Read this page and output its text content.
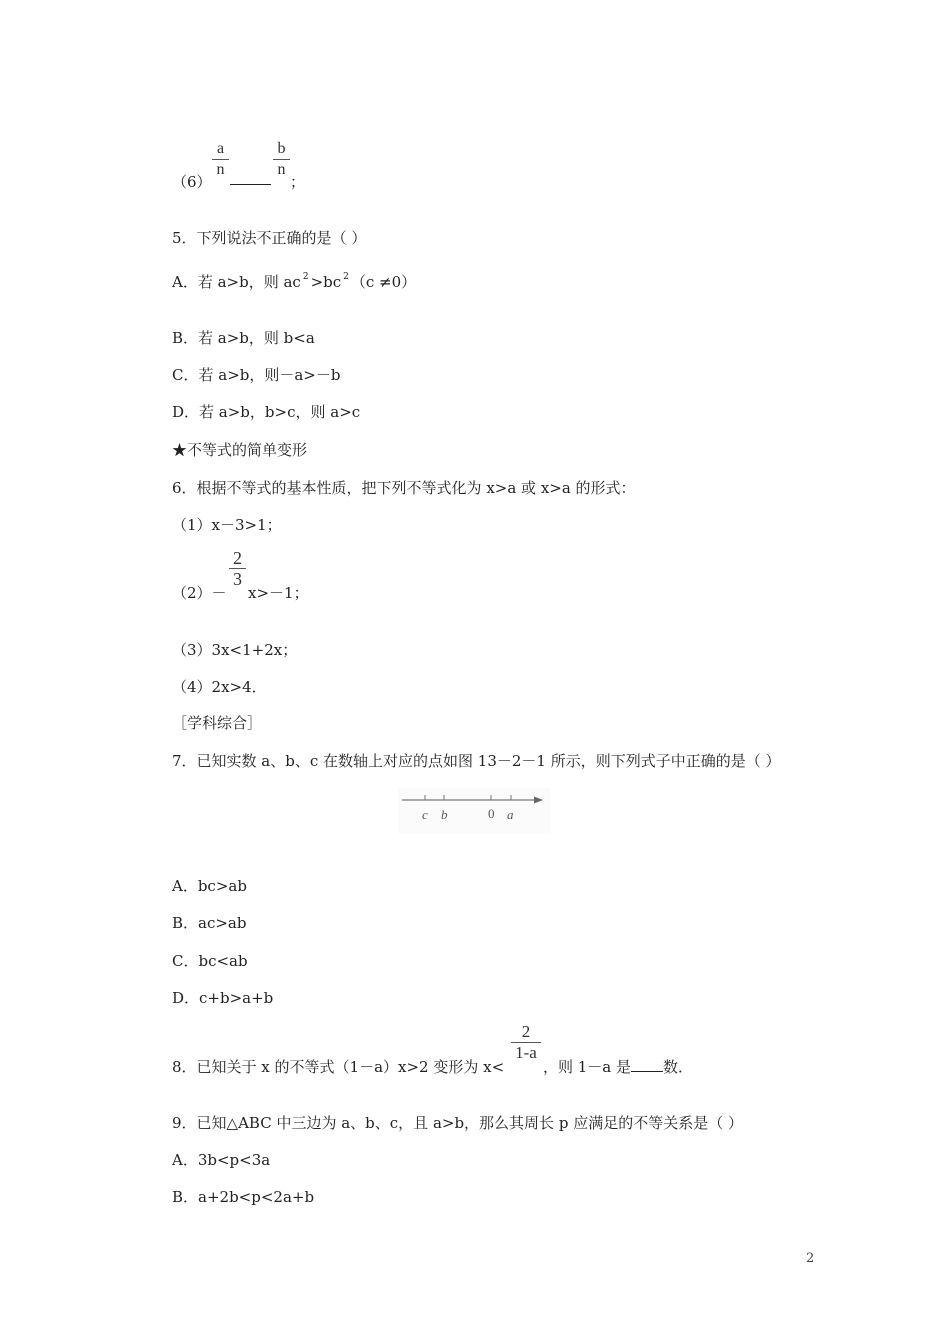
（6）
a
n
b
n
；
5．下列说法不正确的是（ ）
A．若 a>b，则 ac $^2$ >bc $^2$ （c ≠0）
B．若 a>b，则 b<a
C．若 a>b，则－a>－b
D．若 a>b，b>c，则 a>c
★不等式的简单变形
6．根据不等式的基本性质，把下列不等式化为 x>a 或 x>a 的形式：
（1）x－3>1；
（2）－
2
3
x>－1；
（3）3x<1+2x；
（4）2x>4．
［学科综合］
7．已知实数 a、b、c 在数轴上对应的点如图 13－2－1 所示，则下列式子中正确的是（ ）
c b	0 a
A．bc>ab
B．ac>ab
C．bc<ab
D．c+b>a+b
8．已知关于 x 的不等式（1－a）x>2 变形为 x<
2
1-a
，则 1－a 是 数．
9．已知△ABC 中三边为 a、b、c，且 a>b，那么其周长 p 应满足的不等关系是（ ）
A．3b<p<3a
B．a+2b<p<2a+b
2
